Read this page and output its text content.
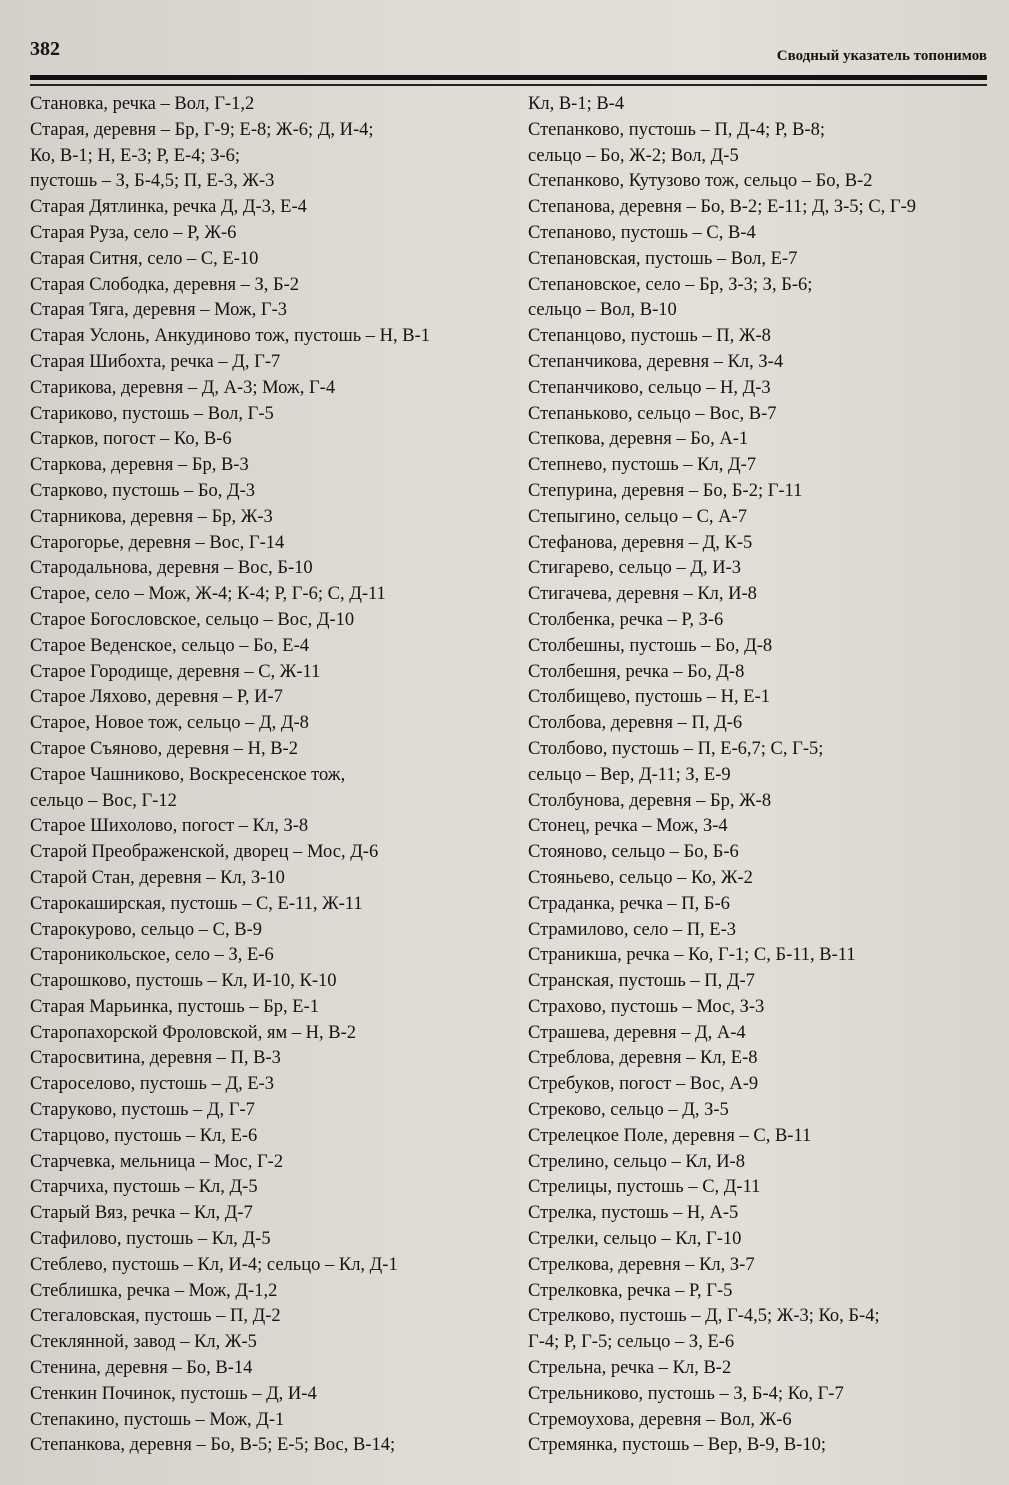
382	Сводный указатель топонимов
Становка, речка – Вол, Г-1,2
Старая, деревня – Бр, Г-9; Е-8; Ж-6; Д, И-4;
Ко, В-1; Н, Е-3; Р, Е-4; З-6;
пустошь – З, Б-4,5; П, Е-3, Ж-3
Старая Дятлинка, речка Д, Д-3, Е-4
Старая Руза, село – Р, Ж-6
Старая Ситня, село – С, Е-10
Старая Слободка, деревня – З, Б-2
Старая Тяга, деревня – Мож, Г-3
Старая Услонь, Анкудиново тож, пустошь – Н, В-1
Старая Шибохта, речка – Д, Г-7
Старикова, деревня – Д, А-3; Мож, Г-4
Стариково, пустошь – Вол, Г-5
Старков, погост – Ко, В-6
Старкова, деревня – Бр, В-3
Старково, пустошь – Бо, Д-3
Старникова, деревня – Бр, Ж-3
Старогорье, деревня – Вос, Г-14
Стародальнова, деревня – Вос, Б-10
Старое, село – Мож, Ж-4; К-4; Р, Г-6; С, Д-11
Старое Богословское, сельцо – Вос, Д-10
Старое Веденское, сельцо – Бо, Е-4
Старое Городище, деревня – С, Ж-11
Старое Ляхово, деревня – Р, И-7
Старое, Новое тож, сельцо – Д, Д-8
Старое Съяново, деревня – Н, В-2
Старое Чашниково, Воскресенское тож,
сельцо – Вос, Г-12
Старое Шихолово, погост – Кл, З-8
Старой Преображенской, дворец – Мос, Д-6
Старой Стан, деревня – Кл, З-10
Старокаширская, пустошь – С, Е-11, Ж-11
Старокурово, сельцо – С, В-9
Староникольское, село – З, Е-6
Старошково, пустошь – Кл, И-10, К-10
Старая Марьинка, пустошь – Бр, Е-1
Старопахорской Фроловской, ям – Н, В-2
Старосвитина, деревня – П, В-3
Староселово, пустошь – Д, Е-3
Старуково, пустошь – Д, Г-7
Старцово, пустошь – Кл, Е-6
Старчевка, мельница – Мос, Г-2
Старчиха, пустошь – Кл, Д-5
Старый Вяз, речка – Кл, Д-7
Стафилово, пустошь – Кл, Д-5
Стеблево, пустошь – Кл, И-4; сельцо – Кл, Д-1
Стеблишка, речка – Мож, Д-1,2
Стегаловская, пустошь – П, Д-2
Стеклянной, завод – Кл, Ж-5
Стенина, деревня – Бо, В-14
Стенкин Починок, пустошь – Д, И-4
Степакино, пустошь – Мож, Д-1
Степанкова, деревня – Бо, В-5; Е-5; Вос, В-14;
Кл, В-1; В-4
Степанково, пустошь – П, Д-4; Р, В-8;
сельцо – Бо, Ж-2; Вол, Д-5
Степанково, Кутузово тож, сельцо – Бо, В-2
Степанова, деревня – Бо, В-2; Е-11; Д, З-5; С, Г-9
Степаново, пустошь – С, В-4
Степановская, пустошь – Вол, Е-7
Степановское, село – Бр, З-3; З, Б-6;
сельцо – Вол, В-10
Степанцово, пустошь – П, Ж-8
Степанчикова, деревня – Кл, З-4
Степанчиково, сельцо – Н, Д-3
Степаньково, сельцо – Вос, В-7
Степкова, деревня – Бо, А-1
Степнево, пустошь – Кл, Д-7
Степурина, деревня – Бо, Б-2; Г-11
Степыгино, сельцо – С, А-7
Стефанова, деревня – Д, К-5
Стигарево, сельцо – Д, И-3
Стигачева, деревня – Кл, И-8
Столбенка, речка – Р, З-6
Столбешны, пустошь – Бо, Д-8
Столбешня, речка – Бо, Д-8
Столбищево, пустошь – Н, Е-1
Столбова, деревня – П, Д-6
Столбово, пустошь – П, Е-6,7; С, Г-5;
сельцо – Вер, Д-11; З, Е-9
Столбунова, деревня – Бр, Ж-8
Стонец, речка – Мож, З-4
Стояново, сельцо – Бо, Б-6
Стояньево, сельцо – Ко, Ж-2
Страданка, речка – П, Б-6
Страмилово, село – П, Е-3
Страникша, речка – Ко, Г-1; С, Б-11, В-11
Странская, пустошь – П, Д-7
Страхово, пустошь – Мос, З-3
Страшева, деревня – Д, А-4
Стреблова, деревня – Кл, Е-8
Стребуков, погост – Вос, А-9
Стреково, сельцо – Д, З-5
Стрелецкое Поле, деревня – С, В-11
Стрелино, сельцо – Кл, И-8
Стрелицы, пустошь – С, Д-11
Стрелка, пустошь – Н, А-5
Стрелки, сельцо – Кл, Г-10
Стрелкова, деревня – Кл, З-7
Стрелковка, речка – Р, Г-5
Стрелково, пустошь – Д, Г-4,5; Ж-3; Ко, Б-4;
Г-4; Р, Г-5; сельцо – З, Е-6
Стрельна, речка – Кл, В-2
Стрельниково, пустошь – З, Б-4; Ко, Г-7
Стремоухова, деревня – Вол, Ж-6
Стремянка, пустошь – Вер, В-9, В-10;
